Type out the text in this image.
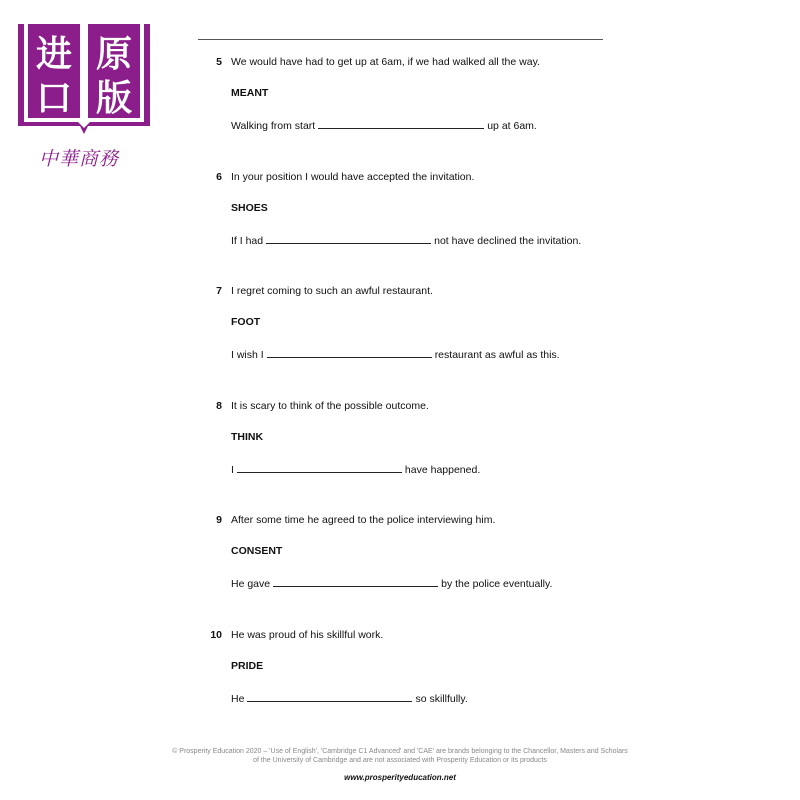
进 原
口 版
中華商務
5 We would have had to get up at 6am, if we had walked all the way.
MEANT
Walking from start	up at 6am.
6 In your position I would have accepted the invitation.
SHOES
If I had	not have declined the invitation.
7 I regret coming to such an awful restaurant.
FOOT
I wish I	restaurant as awful as this.
8 It is scary to think of the possible outcome.
THINK
I	have happened.
9 After some time he agreed to the police interviewing him.
CONSENT
He gave	by the police eventually.
10 He was proud of his skillful work.
PRIDE
He	so skillfully.
© Prosperity Education 2020 – 'Use of English', 'Cambridge C1 Advanced' and 'CAE' are brands belonging to the Chancellor, Masters and Scholars
of the University of Cambridge and are not associated with Prosperity Education or its products
www.prosperityeducation.net
